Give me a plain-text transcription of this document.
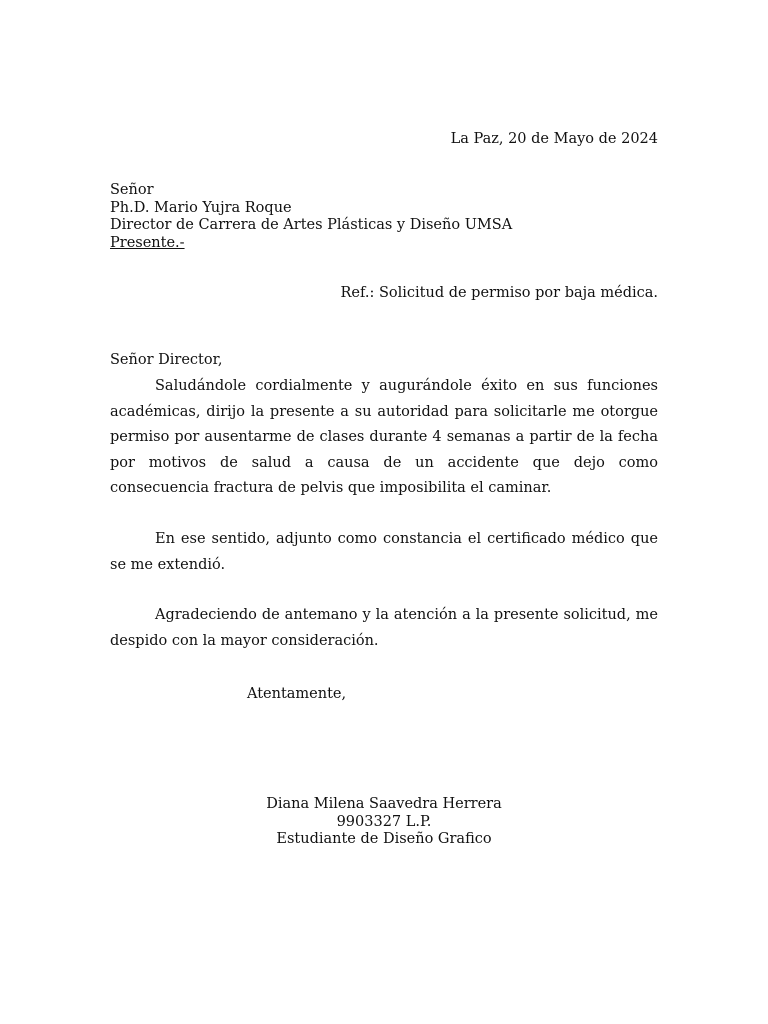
La Paz, 20 de Mayo de 2024
Señor
Ph.D. Mario Yujra Roque
Director de Carrera de Artes Plásticas y Diseño UMSA
Presente.-
Ref.: Solicitud de permiso por baja médica.
Señor Director,

Saludándole cordialmente y augurándole éxito en sus funciones académicas, dirijo la presente a su autoridad para solicitarle me otorgue permiso por ausentarme de clases durante 4 semanas a partir de la fecha por motivos de salud a causa de un accidente que dejo como consecuencia fractura de pelvis que imposibilita el caminar.

En ese sentido, adjunto como constancia el certificado médico que se me extendió.

Agradeciendo de antemano y la atención a la presente solicitud, me despido con la mayor consideración.

Atentamente,
Diana Milena Saavedra Herrera
9903327 L.P.
Estudiante de Diseño Grafico
